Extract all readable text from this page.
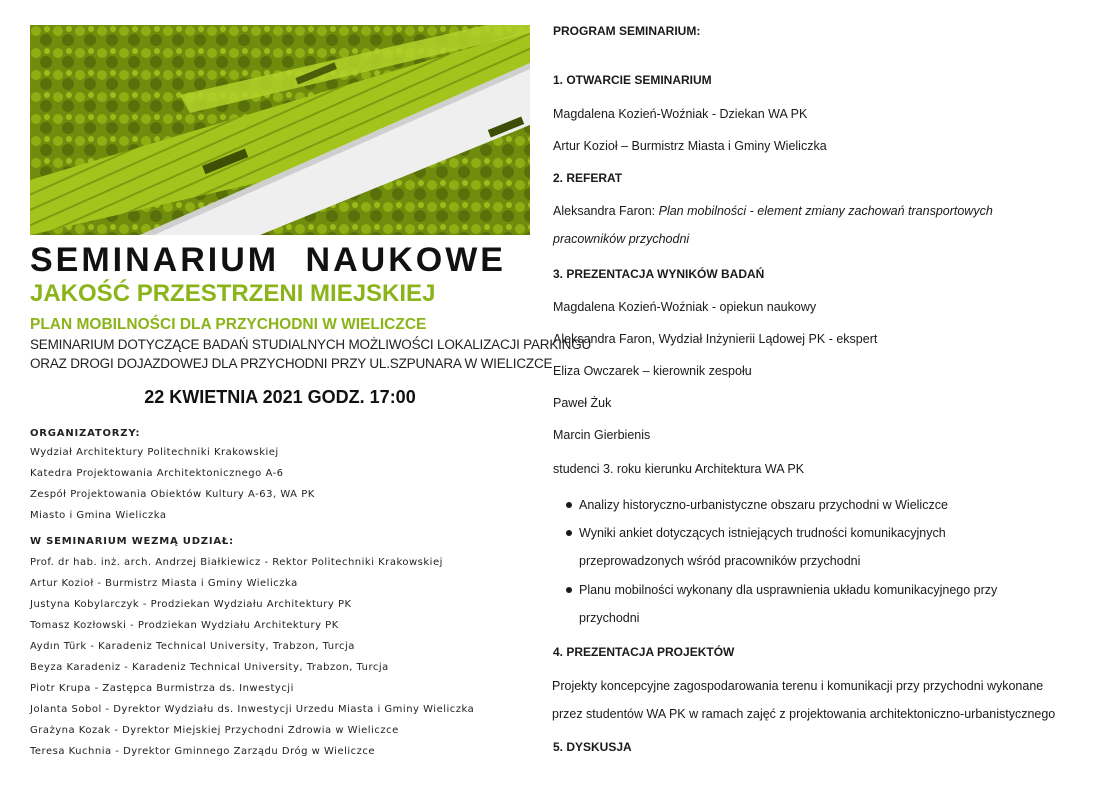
SEMINARIUM NAUKOWE
JAKOŚĆ PRZESTRZENI MIEJSKIEJ
PLAN MOBILNOŚCI DLA PRZYCHODNI W WIELICZCE
SEMINARIUM DOTYCZĄCE BADAŃ STUDIALNYCH MOŻLIWOŚCI LOKALIZACJI PARKINGU
ORAZ DROGI DOJAZDOWEJ DLA PRZYCHODNI PRZY UL.SZPUNARA W WIELICZCE
22 KWIETNIA 2021 GODZ. 17:00
ORGANIZATORZY:
Wydział Architektury Politechniki Krakowskiej
Katedra Projektowania Architektonicznego A-6
Zespół Projektowania Obiektów Kultury A-63, WA PK
Miasto i Gmina Wieliczka
W SEMINARIUM WEZMĄ UDZIAŁ:
Prof. dr hab. inż. arch. Andrzej Białkiewicz - Rektor Politechniki Krakowskiej
Artur Kozioł - Burmistrz Miasta i Gminy Wieliczka
Justyna Kobylarczyk - Prodziekan Wydziału Architektury PK
Tomasz Kozłowski - Prodziekan Wydziału Architektury PK
Aydın Türk - Karadeniz Technical University, Trabzon, Turcja
Beyza Karadeniz - Karadeniz Technical University, Trabzon, Turcja
Piotr Krupa - Zastępca Burmistrza ds. Inwestycji
Jolanta Sobol - Dyrektor Wydziału ds. Inwestycji Urzedu Miasta i Gminy Wieliczka
Grażyna Kozak - Dyrektor Miejskiej Przychodni Zdrowia w Wieliczce
Teresa Kuchnia - Dyrektor Gminnego Zarządu Dróg w Wieliczce
PROGRAM SEMINARIUM:
1. OTWARCIE SEMINARIUM
Magdalena Kozień-Woźniak - Dziekan WA PK
Artur Kozioł – Burmistrz Miasta i Gminy Wieliczka
2. REFERAT
Aleksandra Faron: Plan mobilności - element zmiany zachowań transportowych
pracowników przychodni
3. PREZENTACJA WYNIKÓW BADAŃ
Magdalena Kozień-Woźniak - opiekun naukowy
Aleksandra Faron, Wydział Inżynierii Lądowej PK - ekspert
Eliza Owczarek – kierownik zespołu
Paweł Żuk
Marcin Gierbienis
studenci 3. roku kierunku Architektura WA PK
Analizy historyczno-urbanistyczne obszaru przychodni w Wieliczce
Wyniki ankiet dotyczących istniejących trudności komunikacyjnych
przeprowadzonych wśród pracowników przychodni
Planu mobilności wykonany dla usprawnienia układu komunikacyjnego przy
przychodni
4. PREZENTACJA PROJEKTÓW
Projekty koncepcyjne zagospodarowania terenu i komunikacji przy przychodni wykonane
przez studentów WA PK w ramach zajęć z projektowania architektoniczno-urbanistycznego
5. DYSKUSJA
